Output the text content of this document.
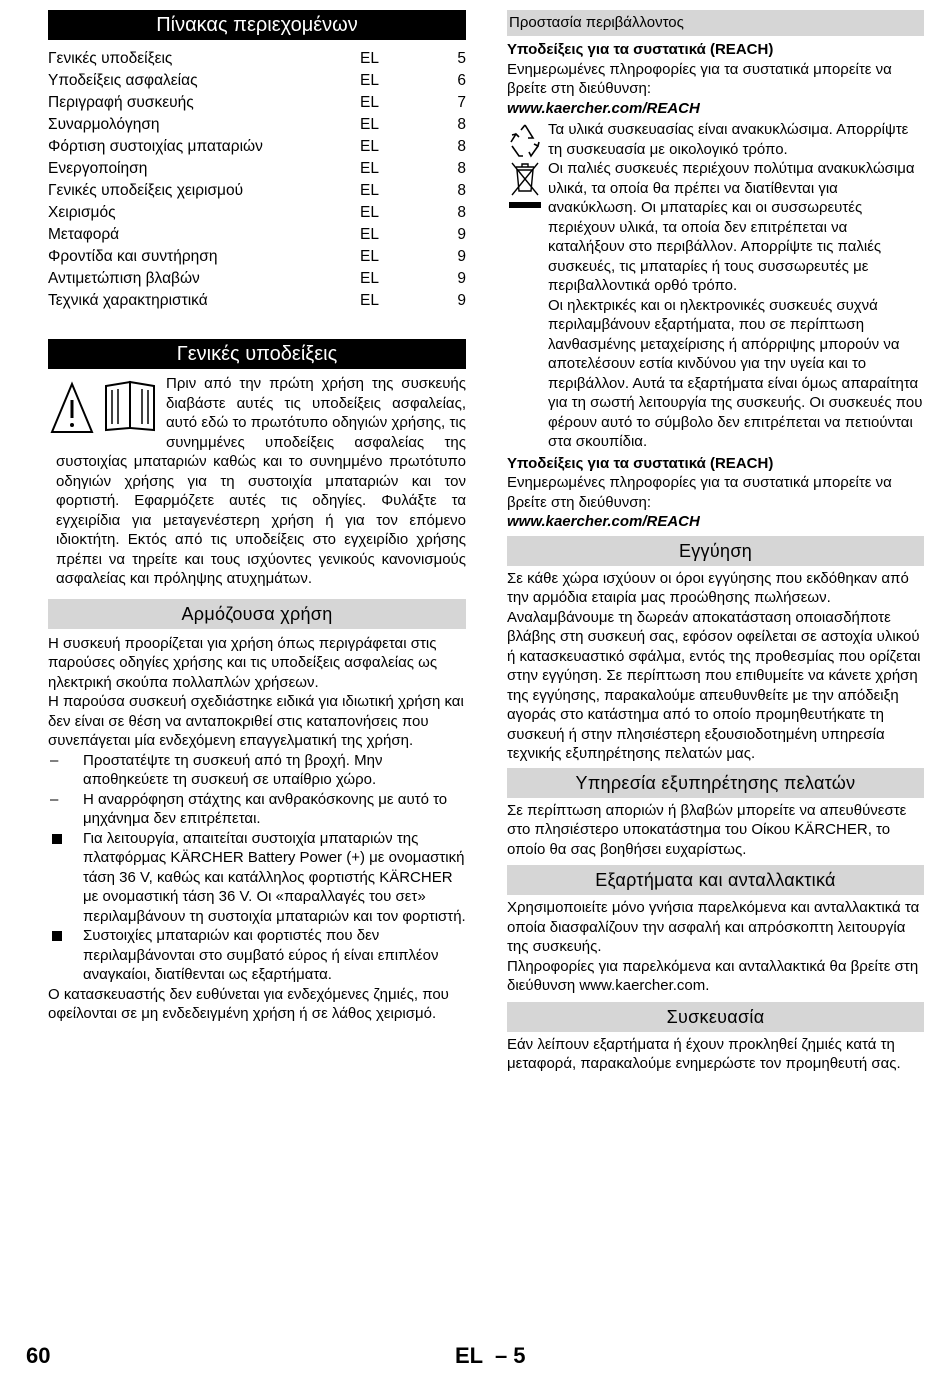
Πίνακας περιεχομένων
Γενικές υποδείξεις	EL	5
Υποδείξεις ασφαλείας	EL	6
Περιγραφή συσκευής	EL	7
Συναρμολόγηση	EL	8
Φόρτιση συστοιχίας μπαταριών	EL	8
Ενεργοποίηση	EL	8
Γενικές υποδείξεις χειρισμού	EL	8
Χειρισμός	EL	8
Μεταφορά	EL	9
Φροντίδα και συντήρηση	EL	9
Αντιμετώπιση βλαβών	EL	9
Τεχνικά χαρακτηριστικά	EL	9
Γενικές υποδείξεις

Πριν από την πρώτη χρήση της συσκευής διαβάστε αυτές τις υποδείξεις ασφαλείας, αυτό εδώ το πρωτότυπο οδηγιών χρήσης, τις συνημμένες υποδείξεις ασφαλείας της συστοιχίας μπαταριών καθώς και το συνημμένο πρωτότυπο οδηγιών χρήσης για τη συστοιχία μπαταριών και τον φορτιστή. Εφαρμόζετε αυτές τις οδηγίες. Φυλάξτε τα εγχειρίδια για μεταγενέστερη χρήση ή για τον επόμενο ιδιοκτήτη. Εκτός από τις υποδείξεις στο εγχειρίδιο χρήσης πρέπει να τηρείτε και τους ισχύοντες γενικούς κανονισμούς ασφαλείας και πρόληψης ατυχημάτων.

Αρμόζουσα χρήση

Η συσκευή προορίζεται για χρήση όπως περιγράφεται στις παρούσες οδηγίες χρήσης και τις υποδείξεις ασφαλείας ως ηλεκτρική σκούπα πολλαπλών χρήσεων.

Η παρούσα συσκευή σχεδιάστηκε ειδικά για ιδιωτική χρήση και δεν είναι σε θέση να ανταποκριθεί στις καταπονήσεις που συνεπάγεται μία ενδεχόμενη επαγγελματική της χρήση.

– Προστατέψτε τη συσκευή από τη βροχή. Μην αποθηκεύετε τη συσκευή σε υπαίθριο χώρο.
– Η αναρρόφηση στάχτης και ανθρακόσκονης με αυτό το μηχάνημα δεν επιτρέπεται.
Για λειτουργία, απαιτείται συστοιχία μπαταριών της πλατφόρμας KÄRCHER Battery Power (+) με ονομαστική τάση 36 V, καθώς και κατάλληλος φορτιστής KÄRCHER με ονομαστική τάση 36 V. Οι «παραλλαγές του σετ» περιλαμβάνουν τη συστοιχία μπαταριών και τον φορτιστή.
Συστοιχίες μπαταριών και φορτιστές που δεν περιλαμβάνονται στο συμβατό εύρος ή είναι επιπλέον αναγκαίοι, διατίθενται ως εξαρτήματα.

Ο κατασκευαστής δεν ευθύνεται για ενδεχόμενες ζημιές, που οφείλονται σε μη ενδεδειγμένη χρήση ή σε λάθος χειρισμό.

Προστασία περιβάλλοντος

Υποδείξεις για τα συστατικά (REACH)

Ενημερωμένες πληροφορίες για τα συστατικά μπορείτε να βρείτε στη διεύθυνση:

www.kaercher.com/REACH

Τα υλικά συσκευασίας είναι ανακυκλώσιμα. Απορρίψτε τη συσκευασία με οικολογικό τρόπο.

Οι παλιές συσκευές περιέχουν πολύτιμα ανακυκλώσιμα υλικά, τα οποία θα πρέπει να διατίθενται για ανακύκλωση. Οι μπαταρίες και οι συσσωρευτές περιέχουν υλικά, τα οποία δεν επιτρέπεται να καταλήξουν στο περιβάλλον. Απορρίψτε τις παλιές συσκευές, τις μπαταρίες ή τους συσσωρευτές με περιβαλλοντικά ορθό τρόπο.

Οι ηλεκτρικές και οι ηλεκτρονικές συσκευές συχνά περιλαμβάνουν εξαρτήματα, που σε περίπτωση λανθασμένης μεταχείρισης ή απόρριψης μπορούν να αποτελέσουν εστία κινδύνου για την υγεία και το περιβάλλον. Αυτά τα εξαρτήματα είναι όμως απαραίτητα για τη σωστή λειτουργία της συσκευής. Οι συσκευές που φέρουν αυτό το σύμβολο δεν επιτρέπεται να πετιούνται στα σκουπίδια.

Υποδείξεις για τα συστατικά (REACH)

Ενημερωμένες πληροφορίες για τα συστατικά μπορείτε να βρείτε στη διεύθυνση:

www.kaercher.com/REACH

Εγγύηση

Σε κάθε χώρα ισχύουν οι όροι εγγύησης που εκδόθηκαν από την αρμόδια εταιρία μας προώθησης πωλήσεων. Αναλαμβάνουμε τη δωρεάν αποκατάσταση οποιασδήποτε βλάβης στη συσκευή σας, εφόσον οφείλεται σε αστοχία υλικού ή κατασκευαστικό σφάλμα, εντός της προθεσμίας που ορίζεται στην εγγύηση. Σε περίπτωση που επιθυμείτε να κάνετε χρήση της εγγύησης, παρακαλούμε απευθυνθείτε με την απόδειξη αγοράς στο κατάστημα από το οποίο προμηθευτήκατε τη συσκευή ή στην πλησιέστερη εξουσιοδοτημένη υπηρεσία τεχνικής εξυπηρέτησης πελατών μας.

Υπηρεσία εξυπηρέτησης πελατών

Σε περίπτωση αποριών ή βλαβών μπορείτε να απευθύνεστε στο πλησιέστερο υποκατάστημα του Οίκου KÄRCHER, το οποίο θα σας βοηθήσει ευχαρίστως.

Εξαρτήματα και ανταλλακτικά

Χρησιμοποιείτε μόνο γνήσια παρελκόμενα και ανταλλακτικά τα οποία διασφαλίζουν την ασφαλή και απρόσκοπτη λειτουργία της συσκευής.

Πληροφορίες για παρελκόμενα και ανταλλακτικά θα βρείτε στη διεύθυνση www.kaercher.com.

Συσκευασία

Εάν λείπουν εξαρτήματα ή έχουν προκληθεί ζημιές κατά τη μεταφορά, παρακαλούμε ενημερώστε τον προμηθευτή σας.

60	EL  – 5
